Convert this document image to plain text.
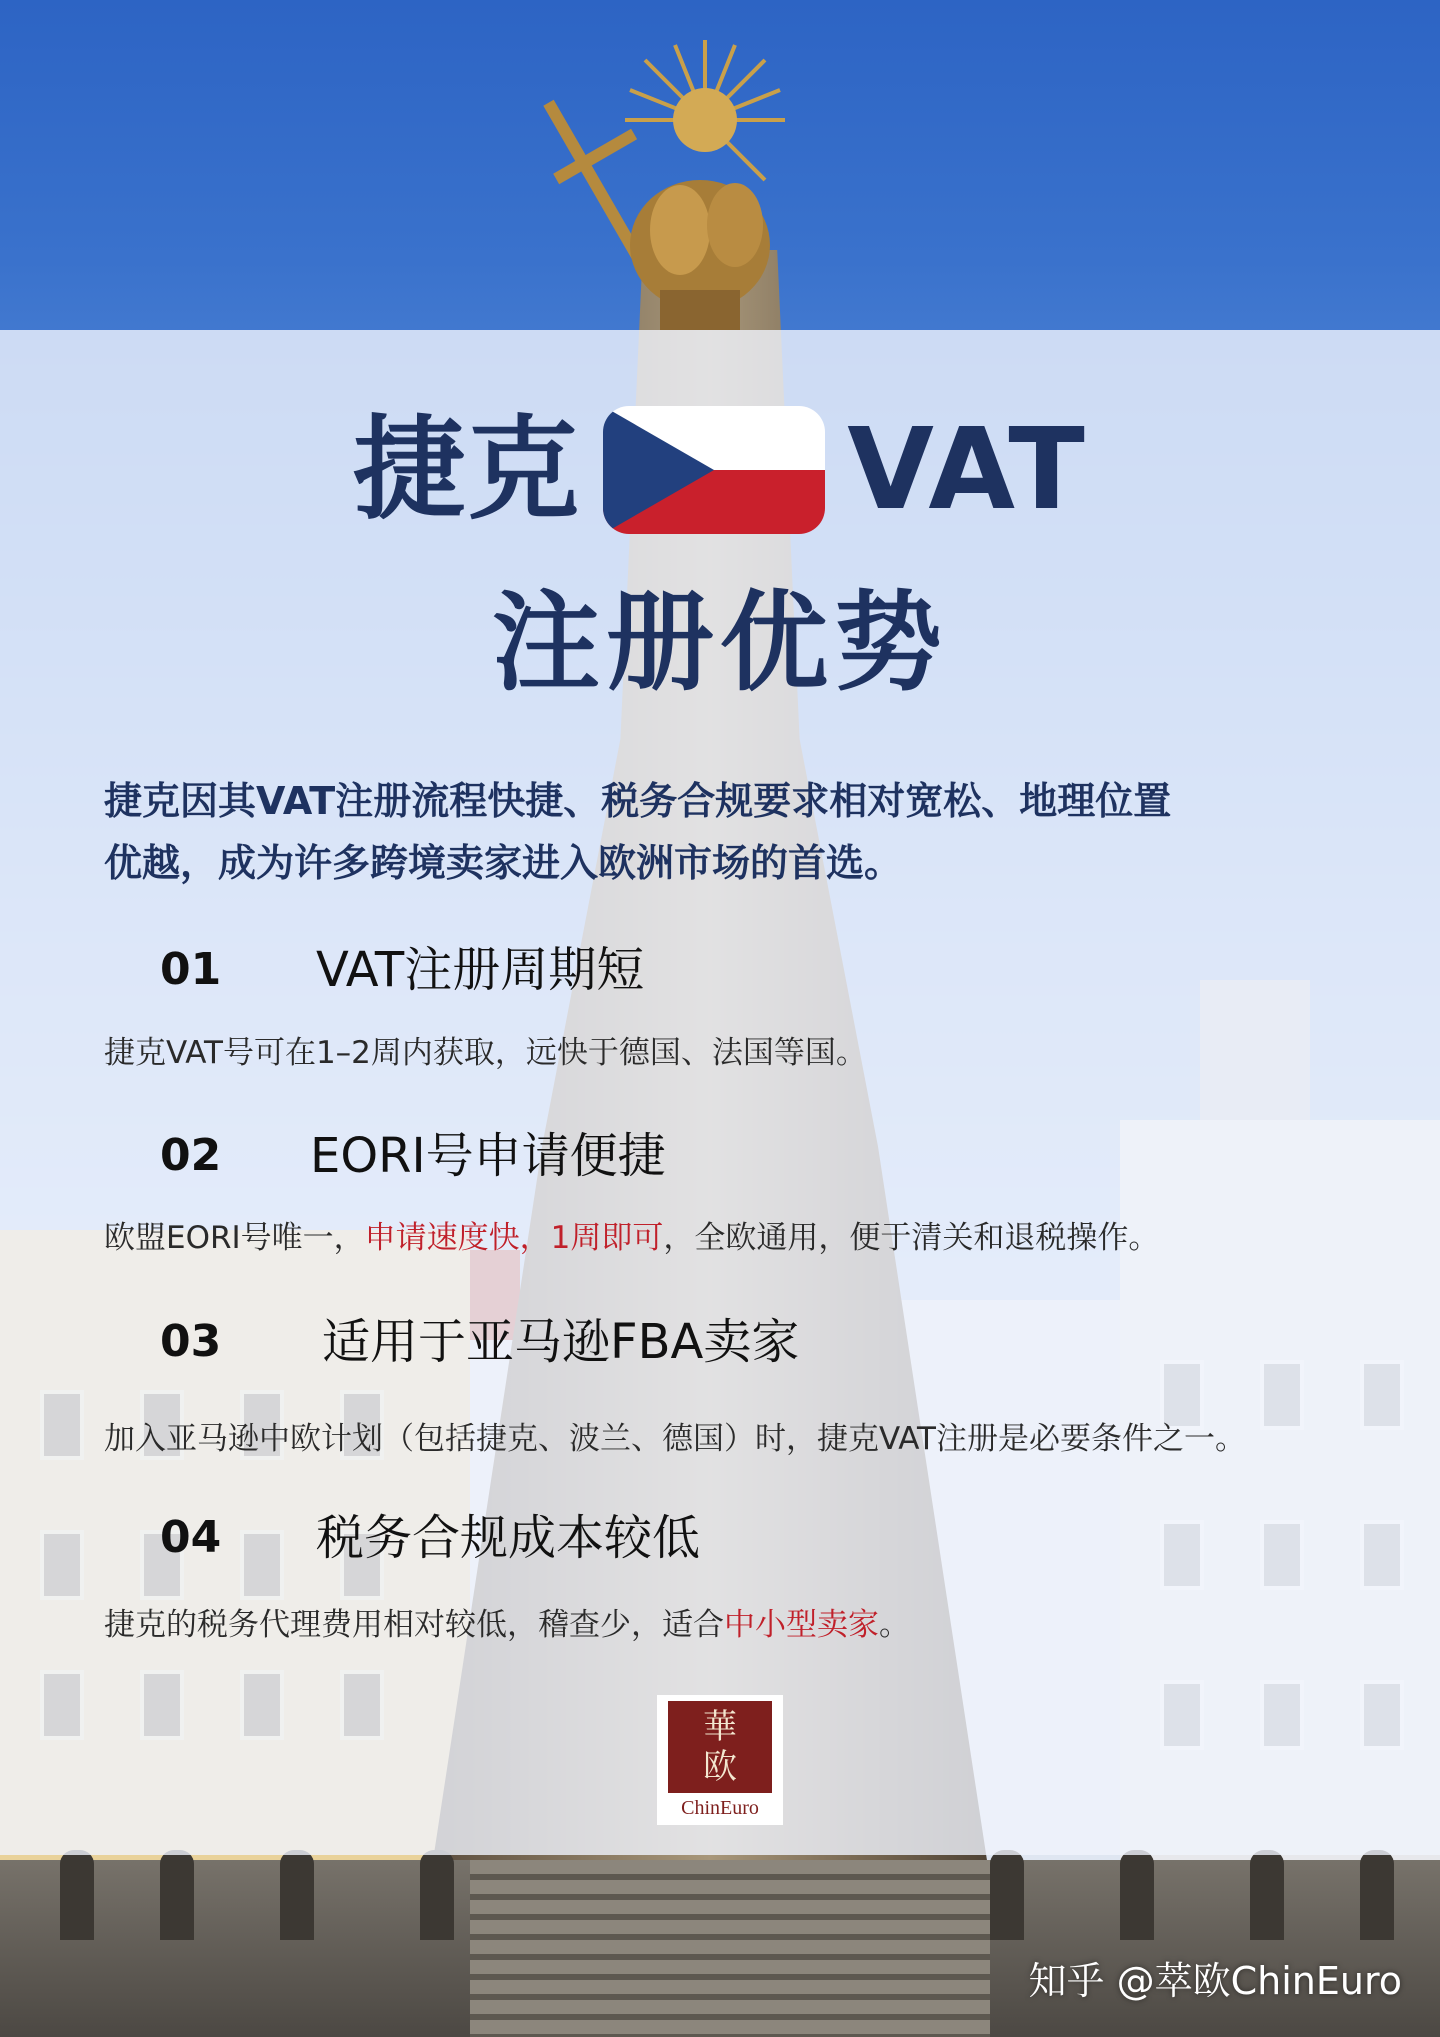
捷克 VAT
注册优势
捷克因其VAT注册流程快捷、税务合规要求相对宽松、地理位置
优越，成为许多跨境卖家进入欧洲市场的首选。
01 VAT注册周期短
捷克VAT号可在1–2周内获取，远快于德国、法国等国。
02 EORI号申请便捷
欧盟EORI号唯一，申请速度快，1周即可，全欧通用，便于清关和退税操作。
03 适用于亚马逊FBA卖家
加入亚马逊中欧计划（包括捷克、波兰、德国）时，捷克VAT注册是必要条件之一。
04 税务合规成本较低
捷克的税务代理费用相对较低，稽查少，适合中小型卖家。
華
欧
ChinEuro
知乎 @萃欧ChinEuro
